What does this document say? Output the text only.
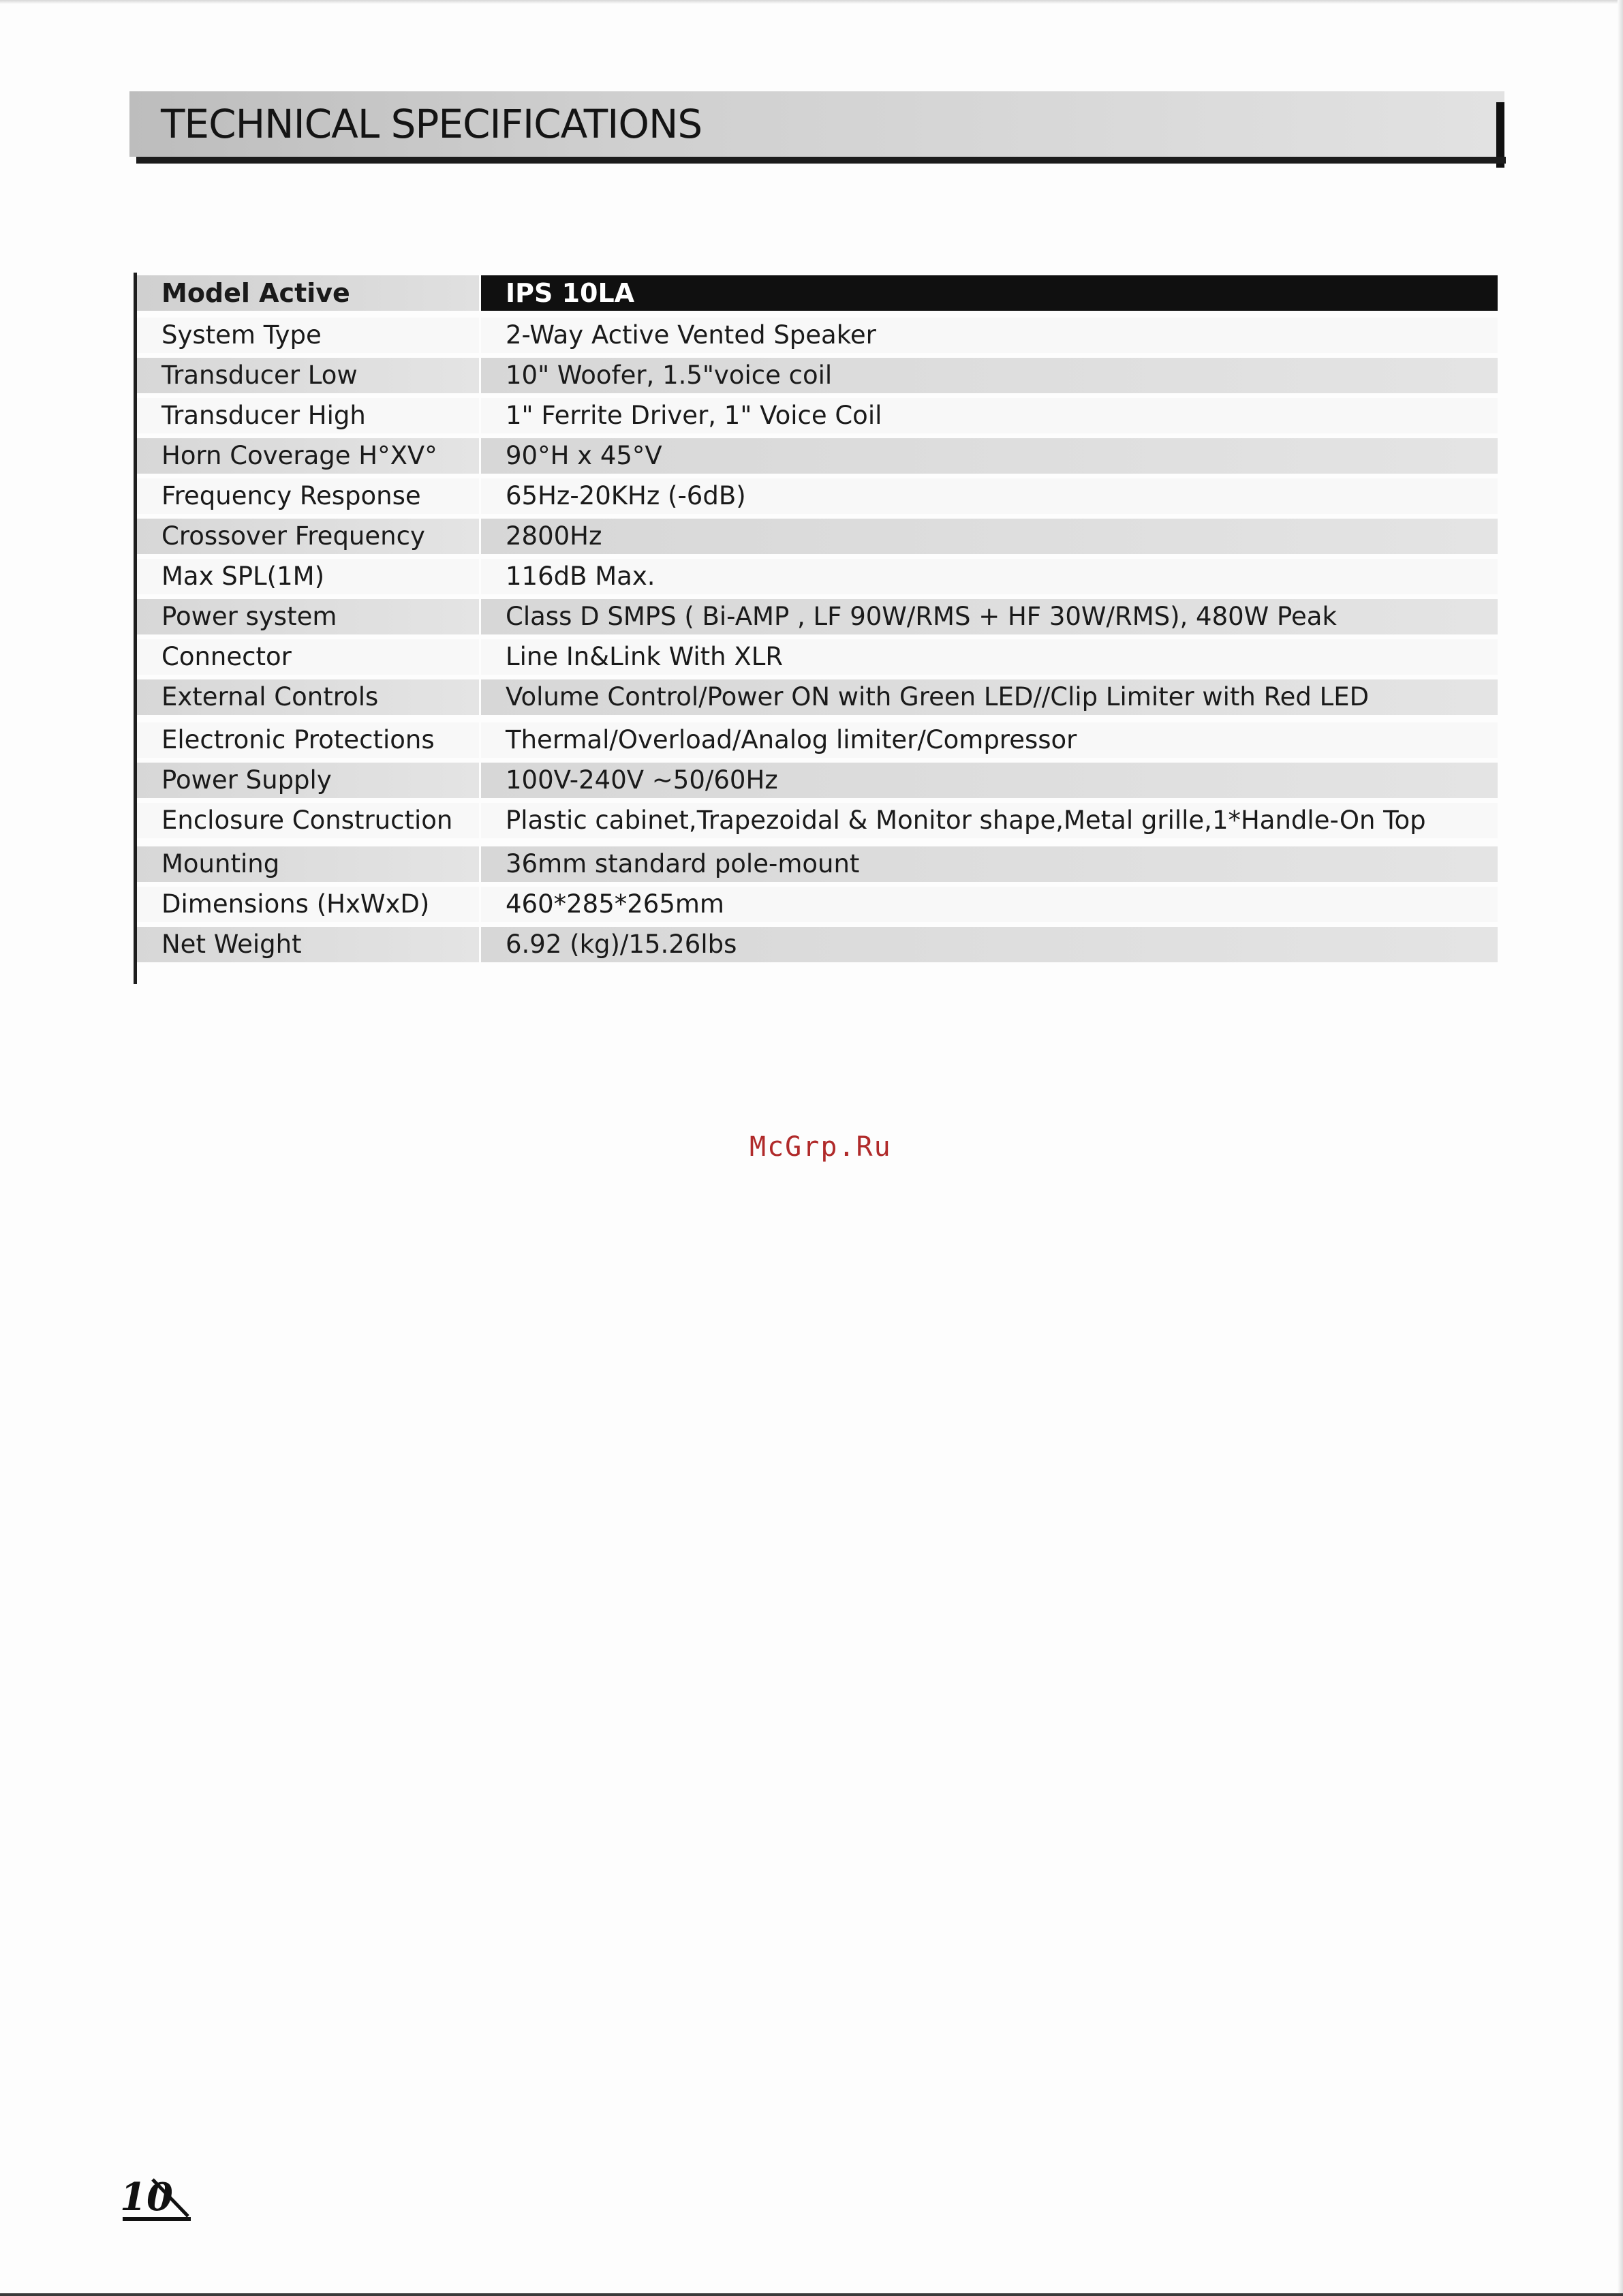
TECHNICAL SPECIFICATIONS
Model Active	IPS 10LA
System Type	2-Way Active Vented Speaker
Transducer Low	10" Woofer, 1.5"voice coil
Transducer High	1" Ferrite Driver, 1" Voice Coil
Horn Coverage H°XV°	90°H x 45°V
Frequency Response	65Hz-20KHz (-6dB)
Crossover Frequency	2800Hz
Max SPL(1M)	116dB Max.
Power system	Class D SMPS ( Bi-AMP , LF 90W/RMS + HF 30W/RMS), 480W Peak
Connector	Line In&Link With XLR
External Controls	Volume Control/Power ON with Green LED//Clip Limiter with Red LED
Electronic Protections	Thermal/Overload/Analog limiter/Compressor
Power Supply	100V-240V ~50/60Hz
Enclosure Construction	Plastic cabinet,Trapezoidal & Monitor shape,Metal grille,1*Handle-On Top
Mounting	36mm standard pole-mount
Dimensions (HxWxD)	460*285*265mm
Net Weight	6.92 (kg)/15.26lbs
McGrp.Ru
10
